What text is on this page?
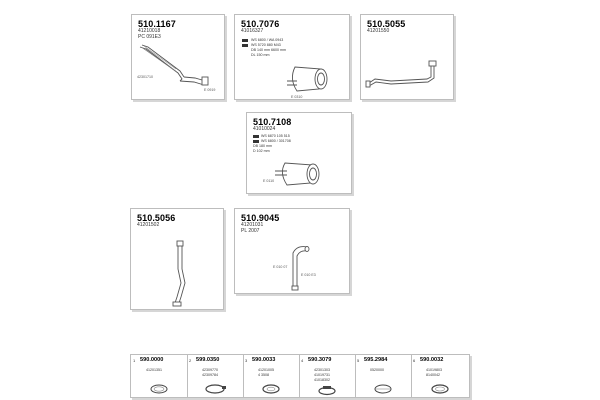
510.1167
41210018
PC 091E3
42301710
E 0919
510.7076
41016327
WS 6800 / WA 0943
WS 5720 880 M43
DB 140 mm 6600 mm
DL 150 mm
E 0310
510.5055
41201550
510.7108
41010024
WS 6870 105 515
WS 6800 / 301708
DB 180 mm
D 102 mm
E 0110
510.5056
41201502
510.9045
41201031
PL 2007
E 010 07
E 010 E3
1 590.0000
41201351
2 599.0350
42309770
42309784
3 590.0033
41201005
4 3508
4 590.3079
42301303
41019731
41018302
5 595.2984
0520000
6 590.0032
41019803
8140042
